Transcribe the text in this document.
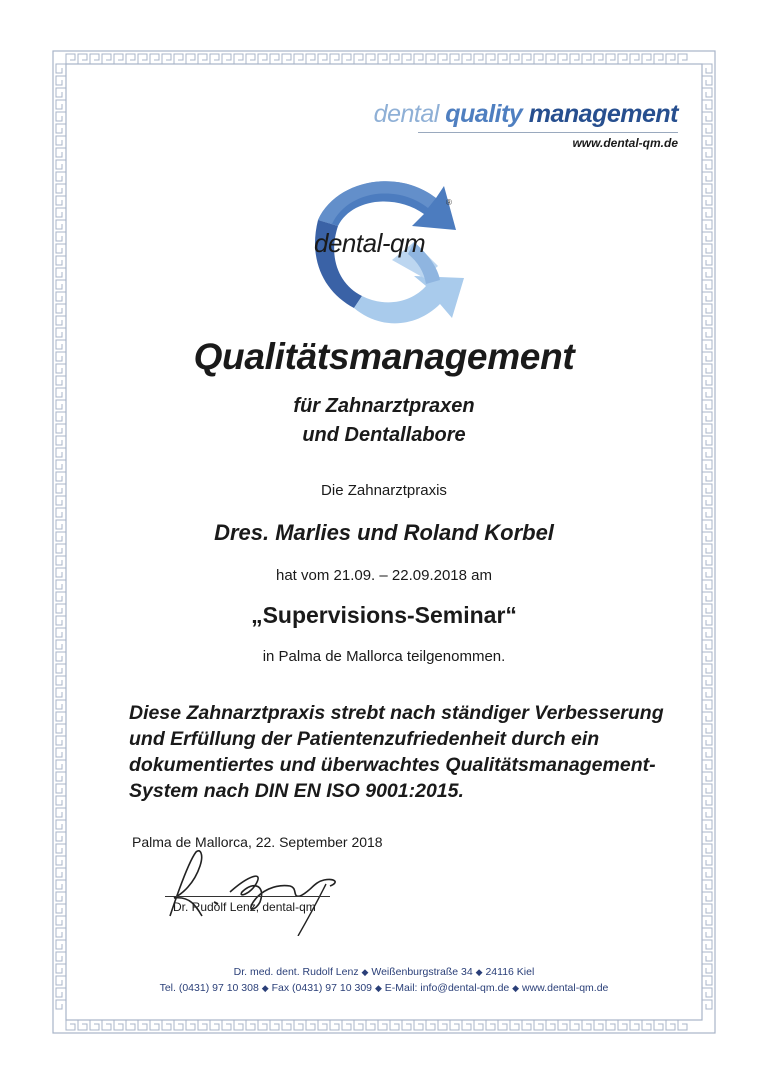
dental quality management
www.dental-qm.de
dental-qm
®
Qualitätsmanagement
für Zahnarztpraxen
und Dentallabore
Die Zahnarztpraxis
Dres. Marlies und Roland Korbel
hat vom 21.09. – 22.09.2018 am
„Supervisions-Seminar“
in Palma de Mallorca teilgenommen.
Diese Zahnarztpraxis strebt nach ständiger Verbesserung
und Erfüllung der Patientenzufriedenheit durch ein
dokumentiertes und überwachtes Qualitätsmanagement-
System nach DIN EN ISO 9001:2015.
Palma de Mallorca, 22. September 2018
Dr. Rudolf Lenz, dental-qm
Dr. med. dent. Rudolf Lenz ◆ Weißenburgstraße 34 ◆ 24116 Kiel
Tel. (0431) 97 10 308 ◆ Fax (0431) 97 10 309 ◆ E-Mail: info@dental-qm.de ◆ www.dental-qm.de
